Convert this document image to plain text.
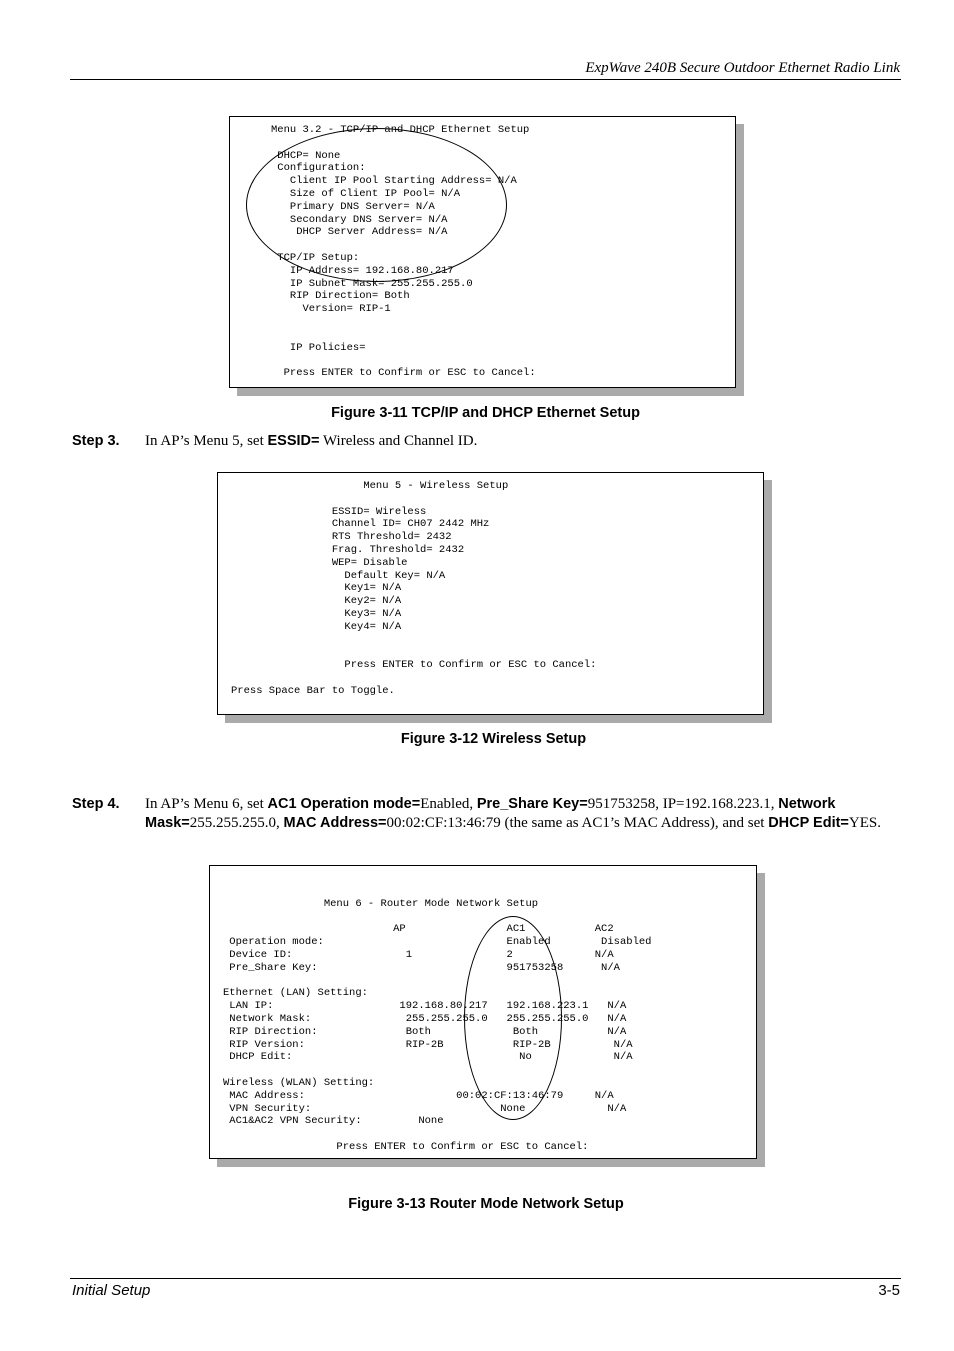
ExpWave 240B Secure Outdoor Ethernet Radio Link
Menu 3.2 - TCP/IP and DHCP Ethernet Setup

DHCP= None
Configuration:
Client IP Pool Starting Address= N/A
Size of Client IP Pool= N/A
Primary DNS Server= N/A
Secondary DNS Server= N/A
DHCP Server Address= N/A

TCP/IP Setup:
IP Address= 192.168.80.217
IP Subnet Mask= 255.255.255.0
RIP Direction= Both
Version= RIP-1

IP Policies=

Press ENTER to Confirm or ESC to Cancel:
Figure 3-11 TCP/IP and DHCP Ethernet Setup
Step 3. In AP’s Menu 5, set ESSID= Wireless and Channel ID.
Menu 5 - Wireless Setup

ESSID= Wireless
Channel ID= CH07 2442 MHz
RTS Threshold= 2432
Frag. Threshold= 2432
WEP= Disable
Default Key= N/A
Key1= N/A
Key2= N/A
Key3= N/A
Key4= N/A

Press ENTER to Confirm or ESC to Cancel:

Press Space Bar to Toggle.
Figure 3-12 Wireless Setup
Step 4. In AP’s Menu 6, set AC1 Operation mode=Enabled, Pre_Share Key=951753258, IP=192.168.223.1, Network Mask=255.255.255.0, MAC Address=00:02:CF:13:46:79 (the same as AC1’s MAC Address), and set DHCP Edit=YES.

Menu 6 - Router Mode Network Setup

AP                AC1           AC2
Operation mode:                             Enabled        Disabled
Device ID:                  1               2             N/A
Pre_Share Key:                              951753258      N/A

Ethernet (LAN) Setting:
LAN IP:                    192.168.80.217   192.168.223.1   N/A
Network Mask:               255.255.255.0   255.255.255.0   N/A
RIP Direction:              Both             Both           N/A
RIP Version:                RIP-2B           RIP-2B          N/A
DHCP Edit:                                    No             N/A

Wireless (WLAN) Setting:
MAC Address:                        00:02:CF:13:46:79     N/A
VPN Security:                              None             N/A
AC1&AC2 VPN Security:         None

Press ENTER to Confirm or ESC to Cancel:
Figure 3-13 Router Mode Network Setup
Initial Setup	3-5
